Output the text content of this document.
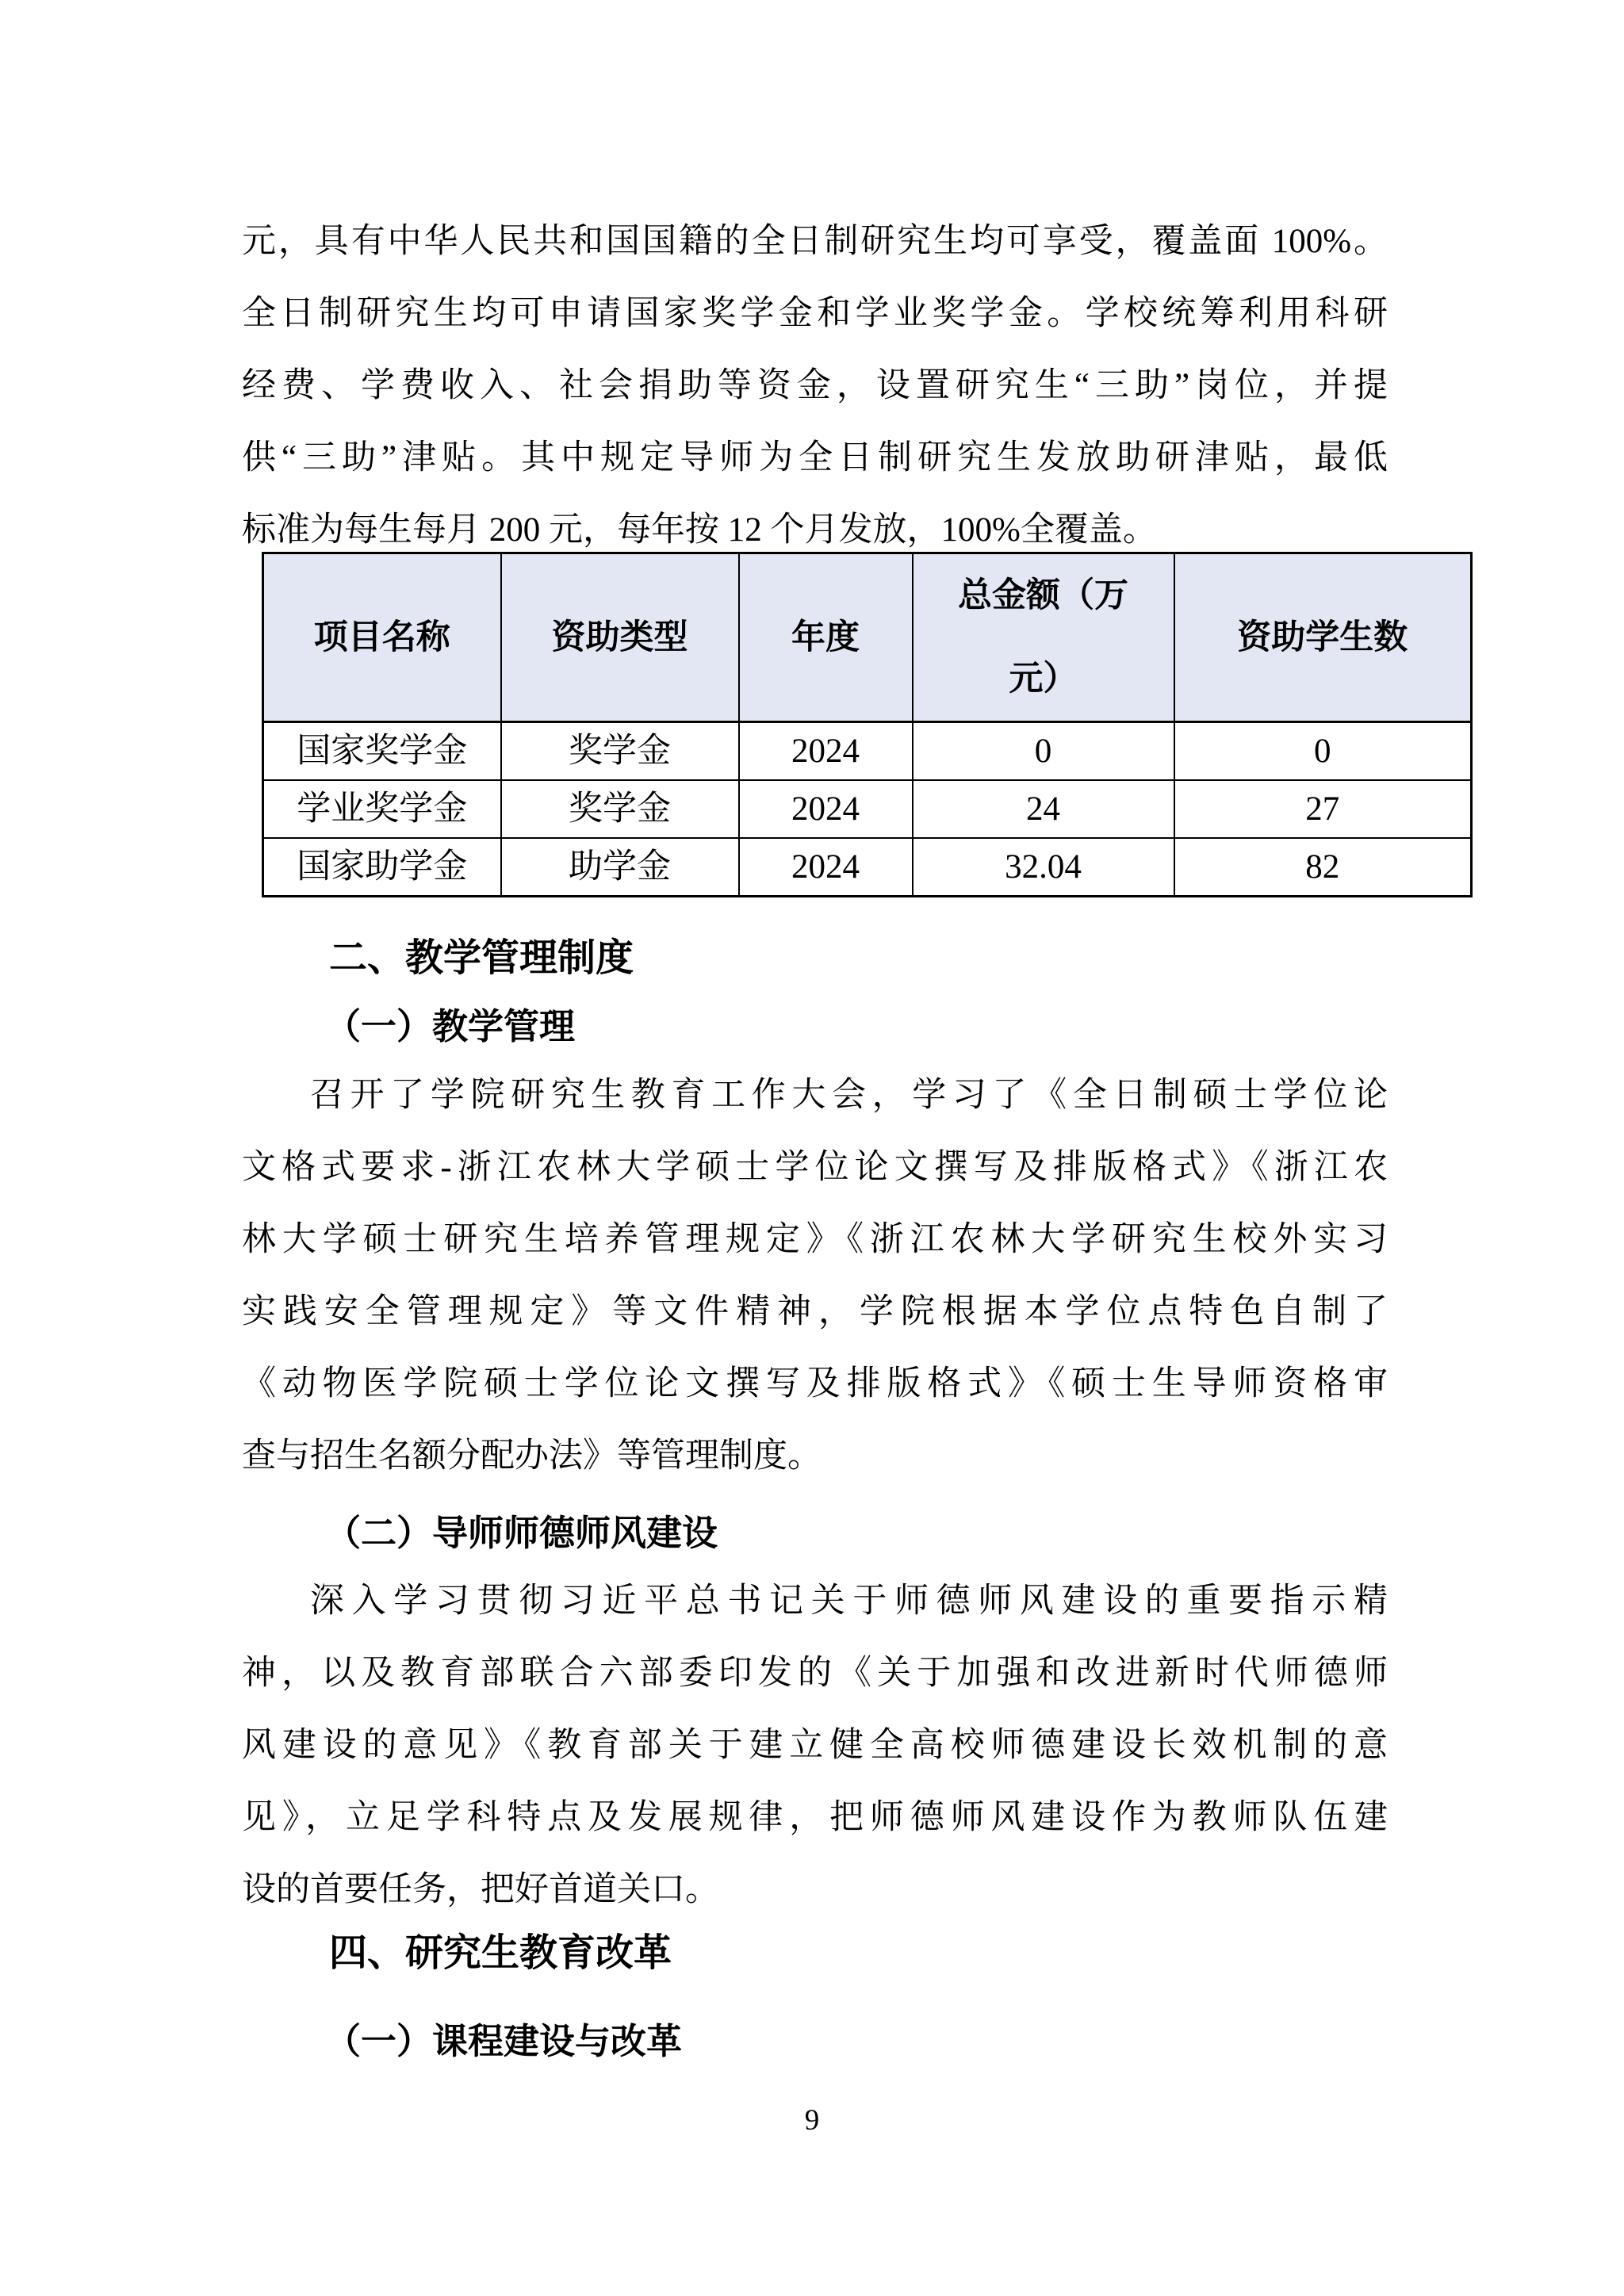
元，具有中华人民共和国国籍的全日制研究生均可享受，覆盖面 100%。
全日制研究生均可申请国家奖学金和学业奖学金。学校统筹利用科研
经费、学费收入、社会捐助等资金，设置研究生“三助”岗位，并提
供“三助”津贴。其中规定导师为全日制研究生发放助研津贴，最低
标准为每生每月 200 元，每年按 12 个月发放，100%全覆盖。
项目名称	资助类型	年度	总金额（万元）	资助学生数
国家奖学金	奖学金	2024	0	0
学业奖学金	奖学金	2024	24	27
国家助学金	助学金	2024	32.04	82
二、教学管理制度
（一）教学管理
召开了学院研究生教育工作大会，学习了《全日制硕士学位论
文格式要求-浙江农林大学硕士学位论文撰写及排版格式》《浙江农
林大学硕士研究生培养管理规定》《浙江农林大学研究生校外实习
实践安全管理规定》等文件精神，学院根据本学位点特色自制了
《动物医学院硕士学位论文撰写及排版格式》《硕士生导师资格审
查与招生名额分配办法》等管理制度。
（二）导师师德师风建设
深入学习贯彻习近平总书记关于师德师风建设的重要指示精
神，以及教育部联合六部委印发的《关于加强和改进新时代师德师
风建设的意见》《教育部关于建立健全高校师德建设长效机制的意
见》，立足学科特点及发展规律，把师德师风建设作为教师队伍建
设的首要任务，把好首道关口。
四、研究生教育改革
（一）课程建设与改革
9
